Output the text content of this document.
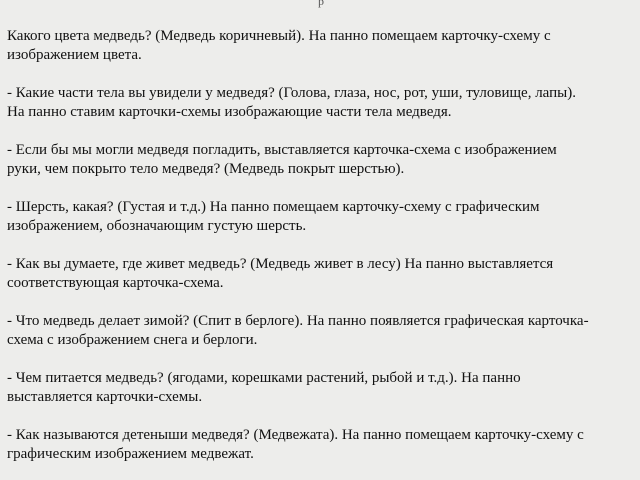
р

Какого цвета медведь? (Медведь коричневый). На панно помещаем карточку-схему с
изображением цвета.

- Какие части тела вы увидели у медведя? (Голова, глаза, нос, рот, уши, туловище, лапы).
На панно ставим карточки-схемы изображающие части тела медведя.

- Если бы мы могли медведя погладить, выставляется карточка-схема с изображением
руки, чем покрыто тело медведя? (Медведь покрыт шерстью).

- Шерсть, какая? (Густая и т.д.) На панно помещаем карточку-схему с графическим
изображением, обозначающим густую шерсть.

- Как вы думаете, где живет медведь? (Медведь живет в лесу) На панно выставляется
соответствующая карточка-схема.

- Что медведь делает зимой? (Спит в берлоге). На панно появляется графическая карточка-
схема с изображением снега и берлоги.

- Чем питается медведь? (ягодами, корешками растений, рыбой и т.д.). На панно
выставляется карточки-схемы.

- Как называются детеныши медведя? (Медвежата). На панно помещаем карточку-схему с
графическим изображением медвежат.
